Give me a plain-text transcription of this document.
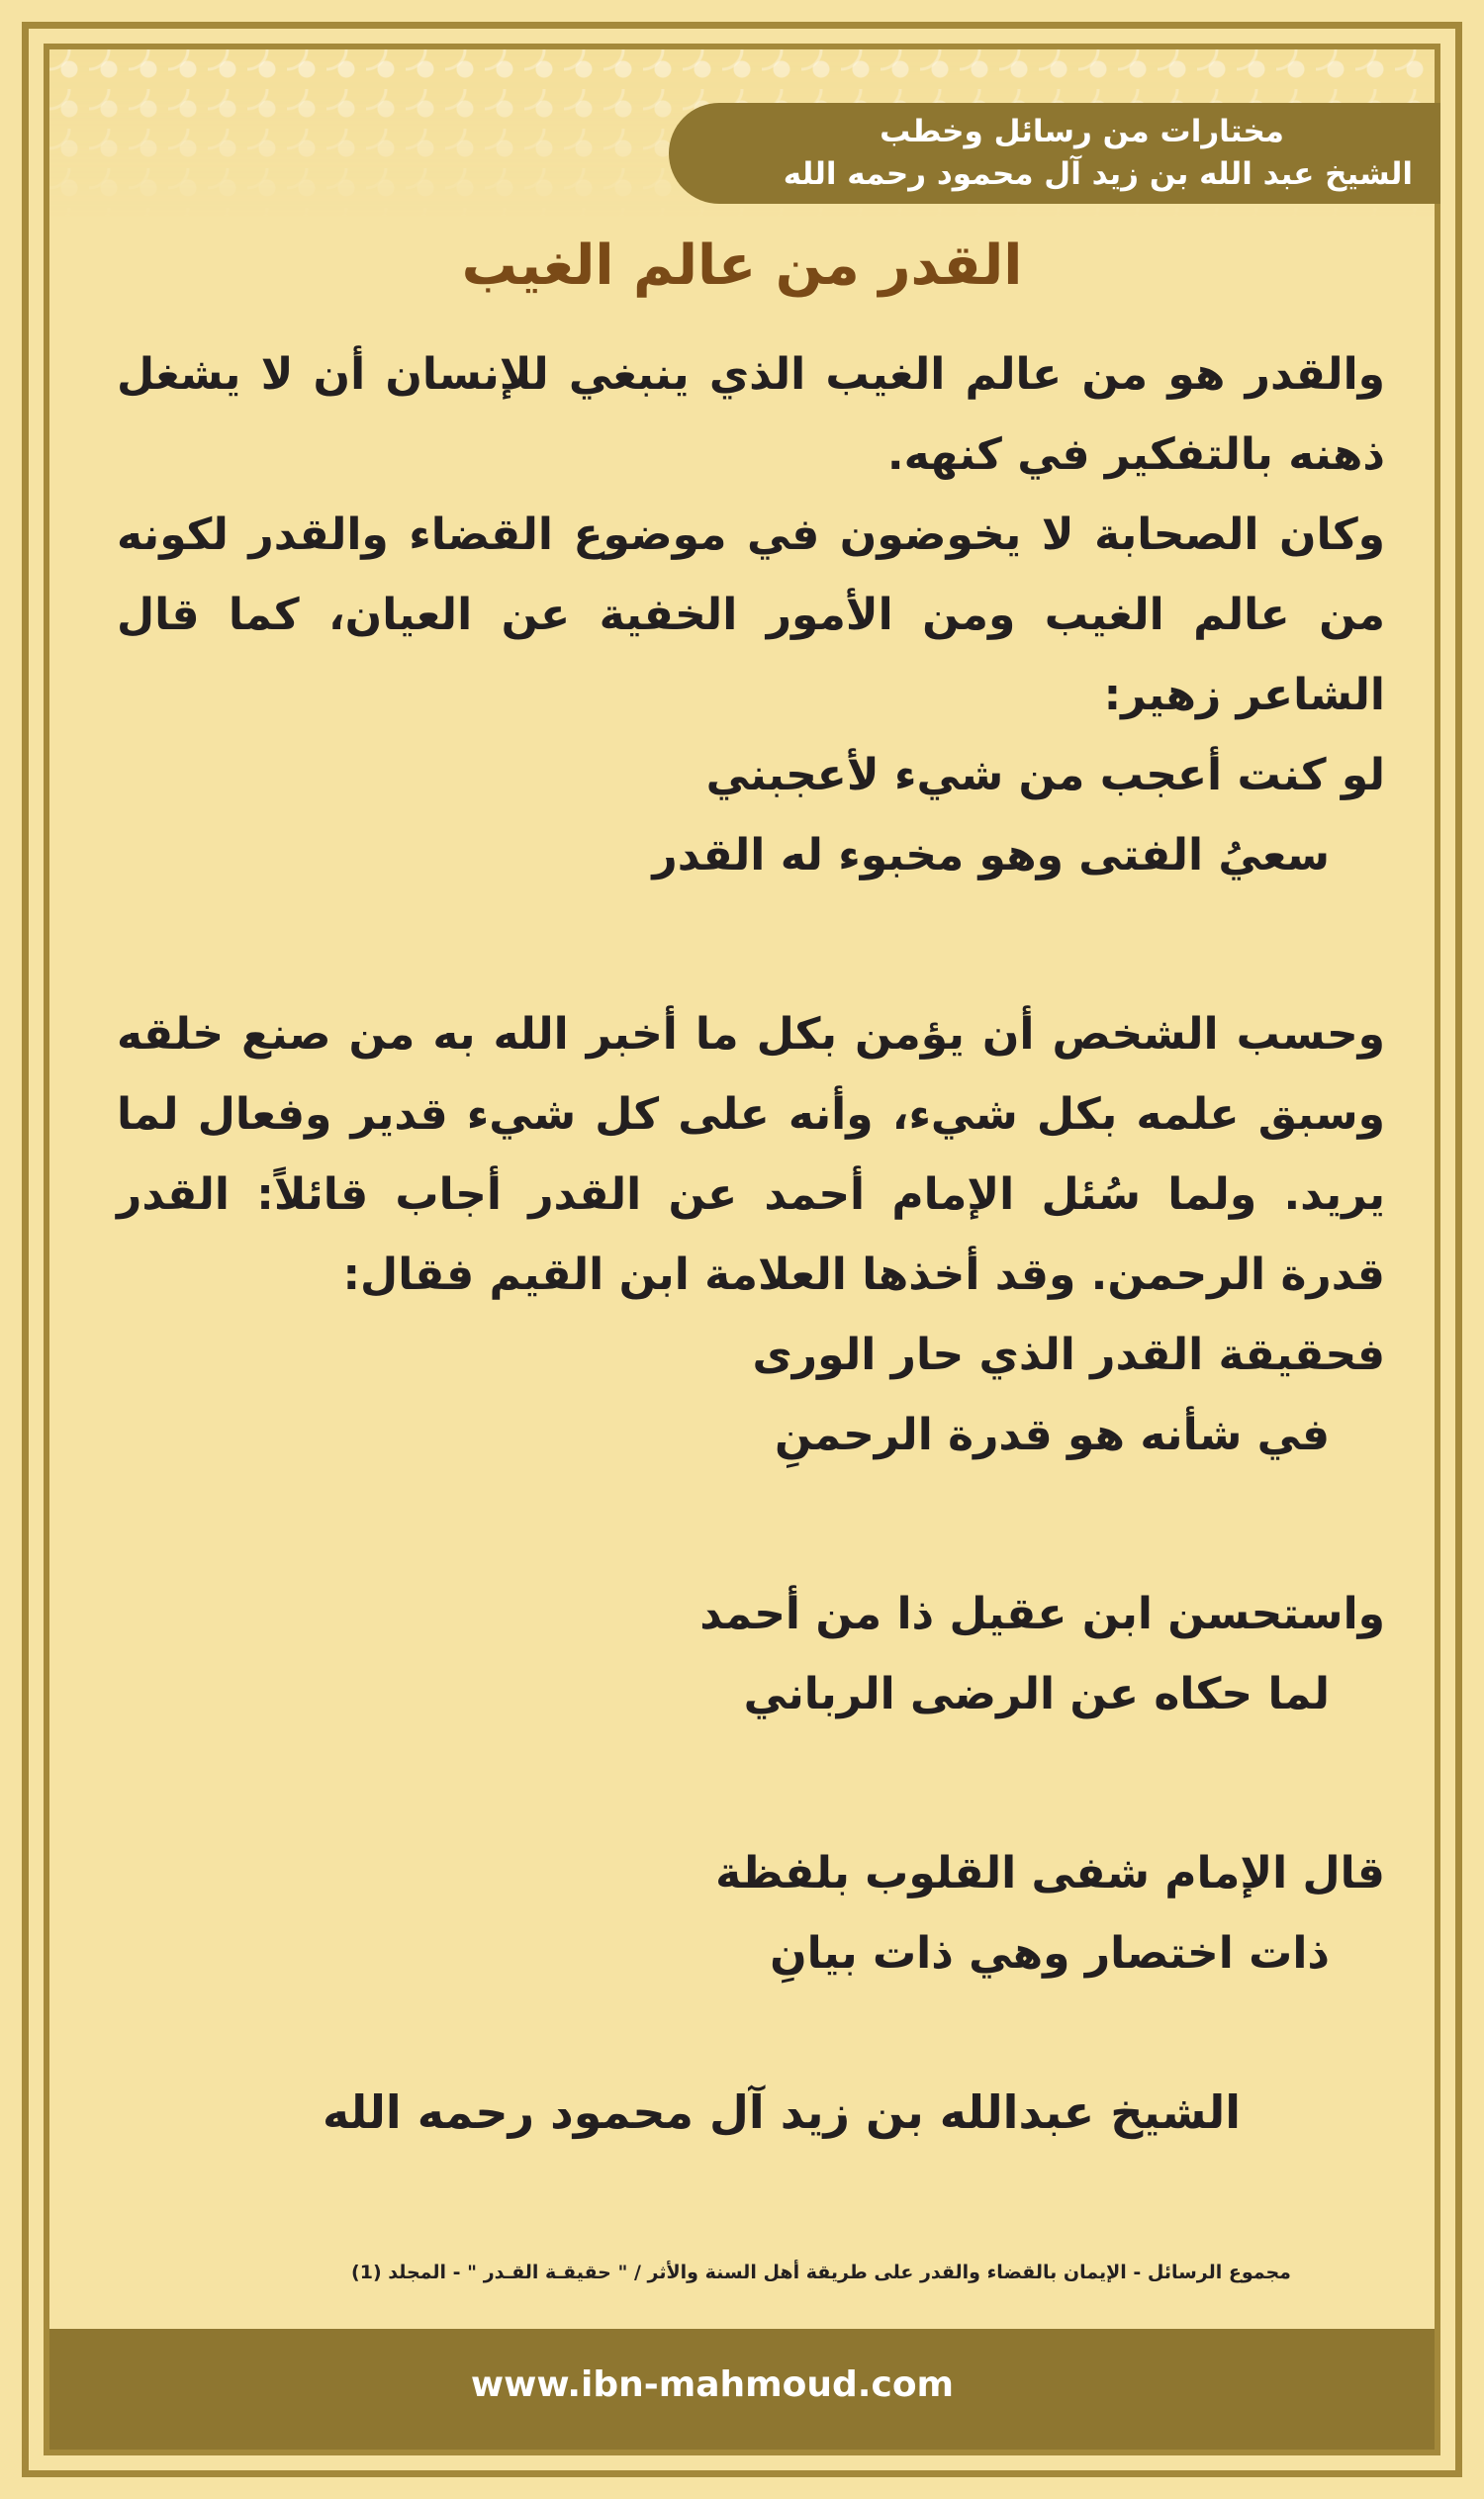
مختارات من رسائل وخطب
الشيخ عبد الله بن زيد آل محمود رحمه الله
القدر من عالم الغيب

والقدر هو من عالم الغيب الذي ينبغي للإنسان أن لا يشغل ذهنه بالتفكير في كنهه.

وكان الصحابة لا يخوضون في موضوع القضاء والقدر لكونه من عالم الغيب ومن الأمور الخفية عن العيان، كما قال الشاعر زهير:

لو كنت أعجب من شيء لأعجبني
سعيُ الفتى وهو مخبوء له القدر

وحسب الشخص أن يؤمن بكل ما أخبر الله به من صنع خلقه وسبق علمه بكل شيء، وأنه على كل شيء قدير وفعال لما يريد. ولما سُئل الإمام أحمد عن القدر أجاب قائلاً: القدر قدرة الرحمن. وقد أخذها العلامة ابن القيم فقال:

فحقيقة القدر الذي حار الورى
في شأنه هو قدرة الرحمنِ
واستحسن ابن عقيل ذا من أحمد
لما حكاه عن الرضى الرباني
قال الإمام شفى القلوب بلفظة
ذات اختصار وهي ذات بيانِ
الشيخ عبدالله بن زيد آل محمود رحمه الله
مجموع الرسائل - الإيمان بالقضاء والقدر على طريقة أهل السنة والأثر / " حقيقـة القـدر " - المجلد (1)
www.ibn-mahmoud.com
